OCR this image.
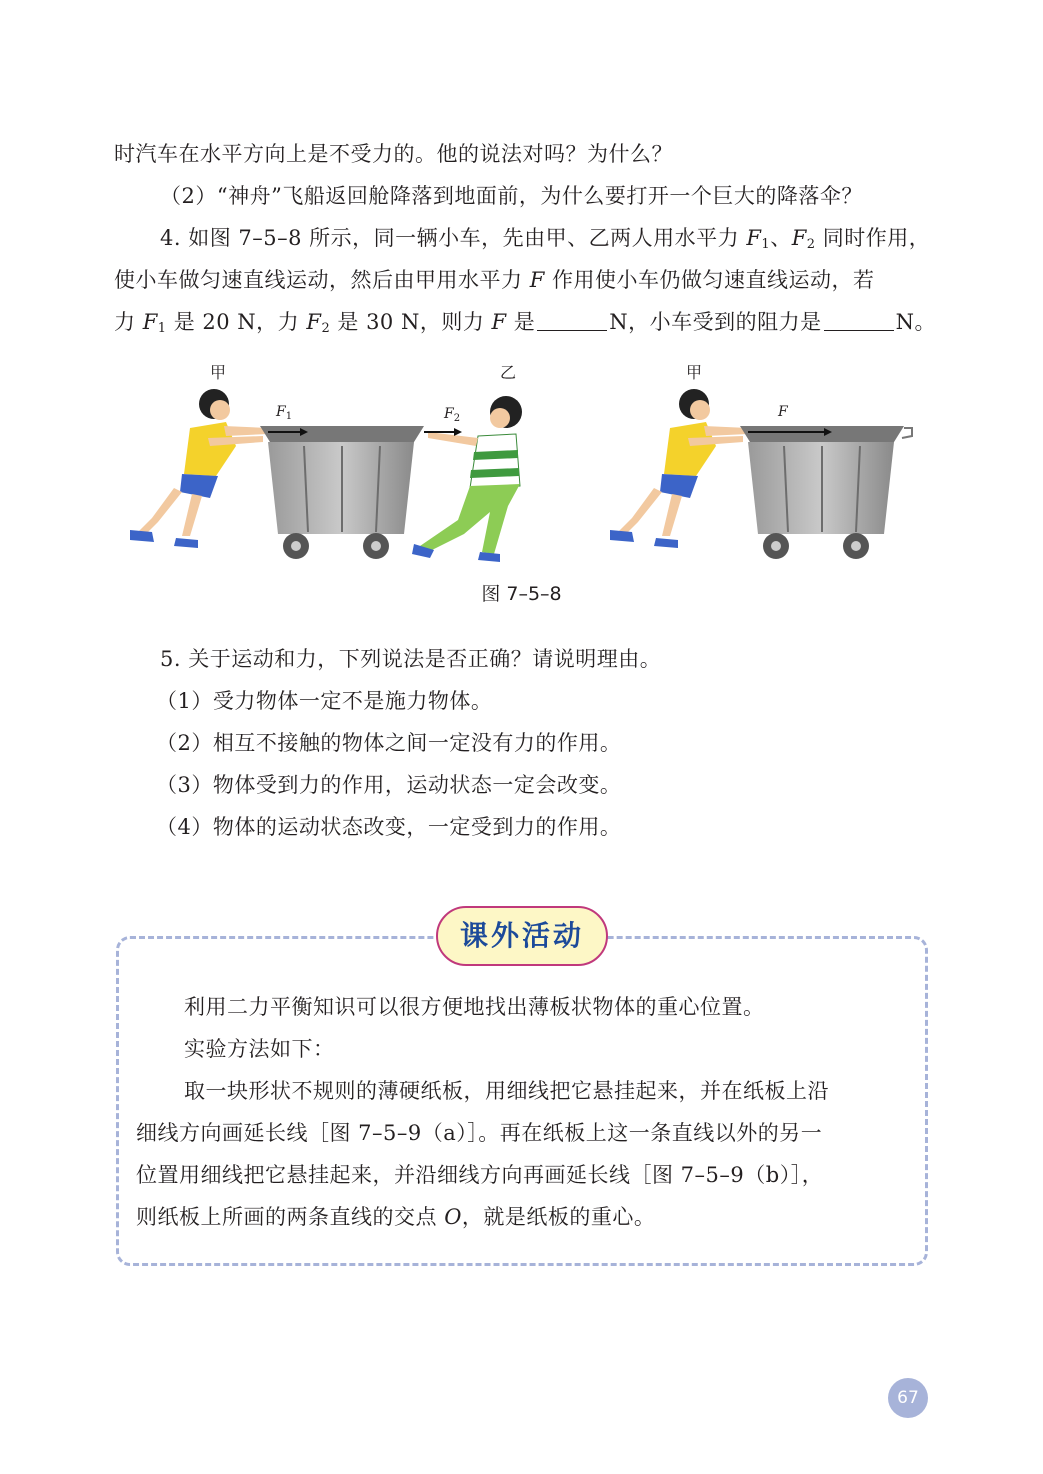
时汽车在水平方向上是不受力的。他的说法对吗？为什么？
（2）“神舟”飞船返回舱降落到地面前，为什么要打开一个巨大的降落伞？
4. 如图 7–5–8 所示，同一辆小车，先由甲、乙两人用水平力 $F_1$、$F_2$ 同时作用，
使小车做匀速直线运动，然后由甲用水平力 F 作用使小车仍做匀速直线运动，若
力 $F_1$ 是 20 N，力 $F_2$ 是 30 N，则力 F 是	N，小车受到的阻力是	N。
甲
$F_1$
乙
$F_2$
甲
F
图 7–5–8
5. 关于运动和力，下列说法是否正确？请说明理由。
（1）受力物体一定不是施力物体。
（2）相互不接触的物体之间一定没有力的作用。
（3）物体受到力的作用，运动状态一定会改变。
（4）物体的运动状态改变，一定受到力的作用。
课外活动
利用二力平衡知识可以很方便地找出薄板状物体的重心位置。
实验方法如下：
取一块形状不规则的薄硬纸板，用细线把它悬挂起来，并在纸板上沿
细线方向画延长线［图 7–5–9（a）］。再在纸板上这一条直线以外的另一
位置用细线把它悬挂起来，并沿细线方向再画延长线［图 7–5–9（b）］，
则纸板上所画的两条直线的交点 O，就是纸板的重心。
67
